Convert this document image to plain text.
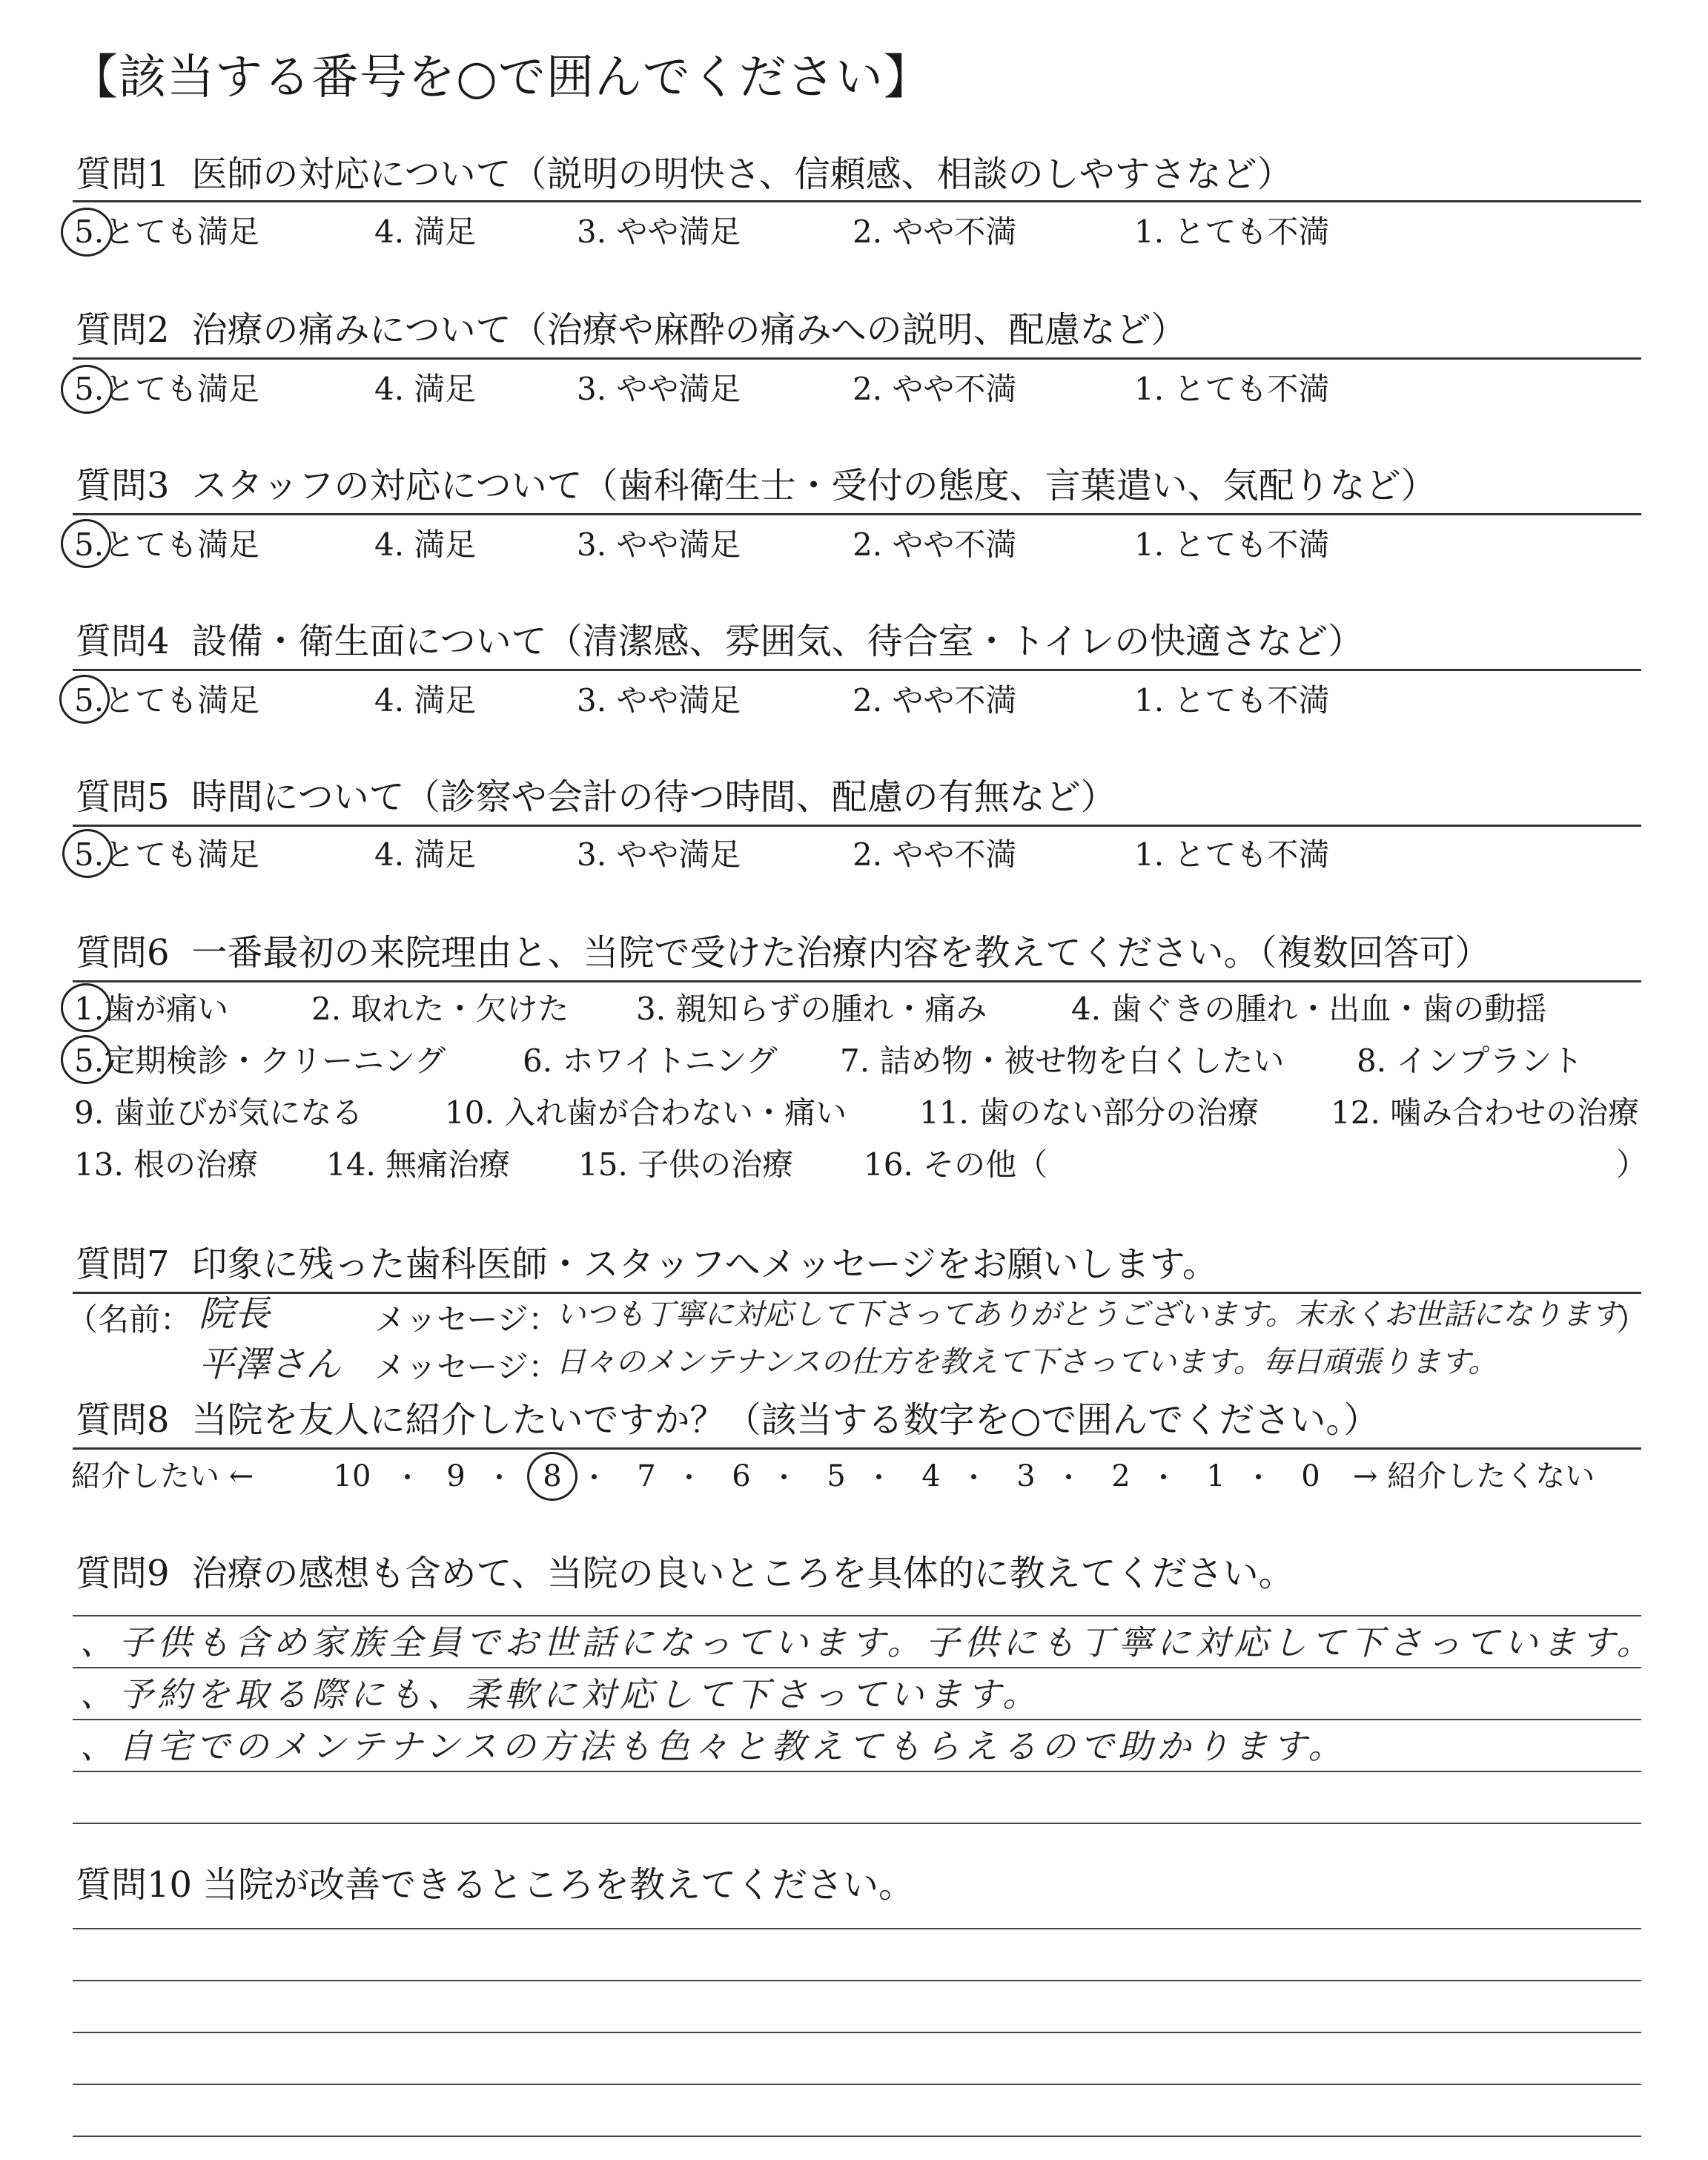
【該当する番号を○で囲んでください】
質問1 医師の対応について（説明の明快さ、信頼感、相談のしやすさなど）
5.とても満足	4. 満足	3. やや満足	2. やや不満	1. とても不満
質問2 治療の痛みについて（治療や麻酔の痛みへの説明、配慮など）
5.とても満足	4. 満足	3. やや満足	2. やや不満	1. とても不満
質問3 スタッフの対応について（歯科衛生士・受付の態度、言葉遣い、気配りなど）
5.とても満足	4. 満足	3. やや満足	2. やや不満	1. とても不満
質問4 設備・衛生面について（清潔感、雰囲気、待合室・トイレの快適さなど）
5.とても満足	4. 満足	3. やや満足	2. やや不満	1. とても不満
質問5 時間について（診察や会計の待つ時間、配慮の有無など）
5.とても満足	4. 満足	3. やや満足	2. やや不満	1. とても不満
質問6 一番最初の来院理由と、当院で受けた治療内容を教えてください。（複数回答可）
1.歯が痛い	2. 取れた・欠けた 3. 親知らずの腫れ・痛み	4. 歯ぐきの腫れ・出血・歯の動揺
5.定期検診・クリーニング 6. ホワイトニング 7. 詰め物・被せ物を白くしたい 8. インプラント
9. 歯並びが気になる	10. 入れ歯が合わない・痛い 11. 歯のない部分の治療 12. 噛み合わせの治療
13. 根の治療 14. 無痛治療 15. 子供の治療 16. その他（	）
質問7 印象に残った歯科医師・スタッフへメッセージをお願いします。
（名前： 院長	メッセージ：
いつも丁寧に対応して下さってありがとうございます。末永くお世話になります
）
平澤さん メッセージ：
日々のメンテナンスの仕方を教えて下さっています。毎日頑張ります。
質問8 当院を友人に紹介したいですか？（該当する数字を○で囲んでください。）
紹介したい ←	10	9	8	7	6	5	4	3	2	1	0	→ 紹介したくない
質問9 治療の感想も含めて、当院の良いところを具体的に教えてください。
、子供も含め家族全員でお世話になっています。子供にも丁寧に対応して下さっています。
、予約を取る際にも、柔軟に対応して下さっています。
、自宅でのメンテナンスの方法も色々と教えてもらえるので助かります。
質問10 当院が改善できるところを教えてください。
